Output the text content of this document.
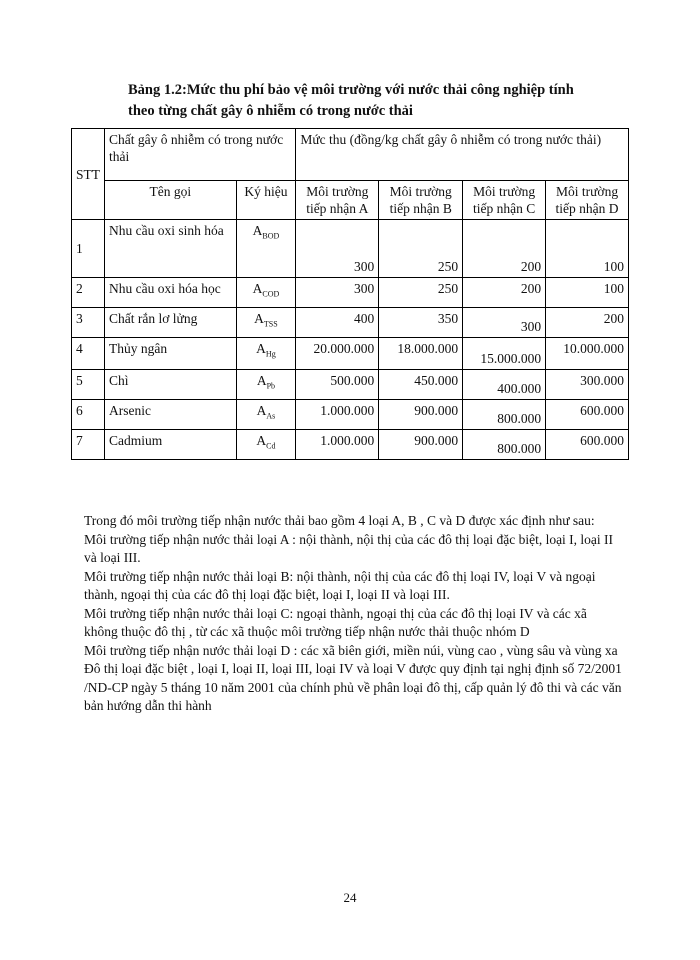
Bảng 1.2:Mức thu phí bảo vệ môi trường với nước thải công nghiệp tính
theo từng chất gây ô nhiễm có trong nước thải
STT	Chất gây ô nhiễm có trong nước thải		Mức thu (đồng/kg chất gây ô nhiễm có trong nước thải)			
	Tên gọi	Ký hiệu	Môi trường tiếp nhận A	Môi trường tiếp nhận B	Môi trường tiếp nhận C	Môi trường tiếp nhận D
1	Nhu cầu oxi sinh hóa	$A_{BOD}$	300	250	200	100
2	Nhu cầu oxi hóa học	$A_{COD}$	300	250	200	100
3	Chất rắn lơ lửng	$A_{TSS}$	400	350	300	200
4	Thủy ngân	$A_{Hg}$	20.000.000	18.000.000	15.000.000	10.000.000
5	Chì	$A_{Pb}$	500.000	450.000	400.000	300.000
6	Arsenic	$A_{As}$	1.000.000	900.000	800.000	600.000
7	Cadmium	$A_{Cd}$	1.000.000	900.000	800.000	600.000

Trong đó môi trường tiếp nhận nước thải bao gồm 4 loại A, B , C và D được xác định như sau:

Môi trường tiếp nhận nước thải loại A : nội thành, nội thị của các đô thị loại đặc biệt, loại I, loại II và loại III.

Môi trường tiếp nhận nước thải loại B: nội thành, nội thị của các đô thị loại IV, loại V và ngoại thành, ngoại thị của các đô thị loại đặc biệt, loại I, loại II và loại III.

Môi trường tiếp nhận nước thải loại C: ngoại thành, ngoại thị của các đô thị loại IV và các xã không thuộc đô thị , từ các xã thuộc môi trường tiếp nhận nước thải thuộc nhóm D

Môi trường tiếp nhận nước thải loại D : các xã biên giới, miền núi, vùng cao , vùng sâu và vùng xa

Đô thị loại đặc biệt , loại I, loại II, loại III, loại IV và loại V được quy định tại nghị định số 72/2001 /ND-CP ngày 5 tháng 10 năm 2001 của chính phủ về phân loại đô thị, cấp quản lý đô thi và các văn bản hướng dẫn thi hành

24
